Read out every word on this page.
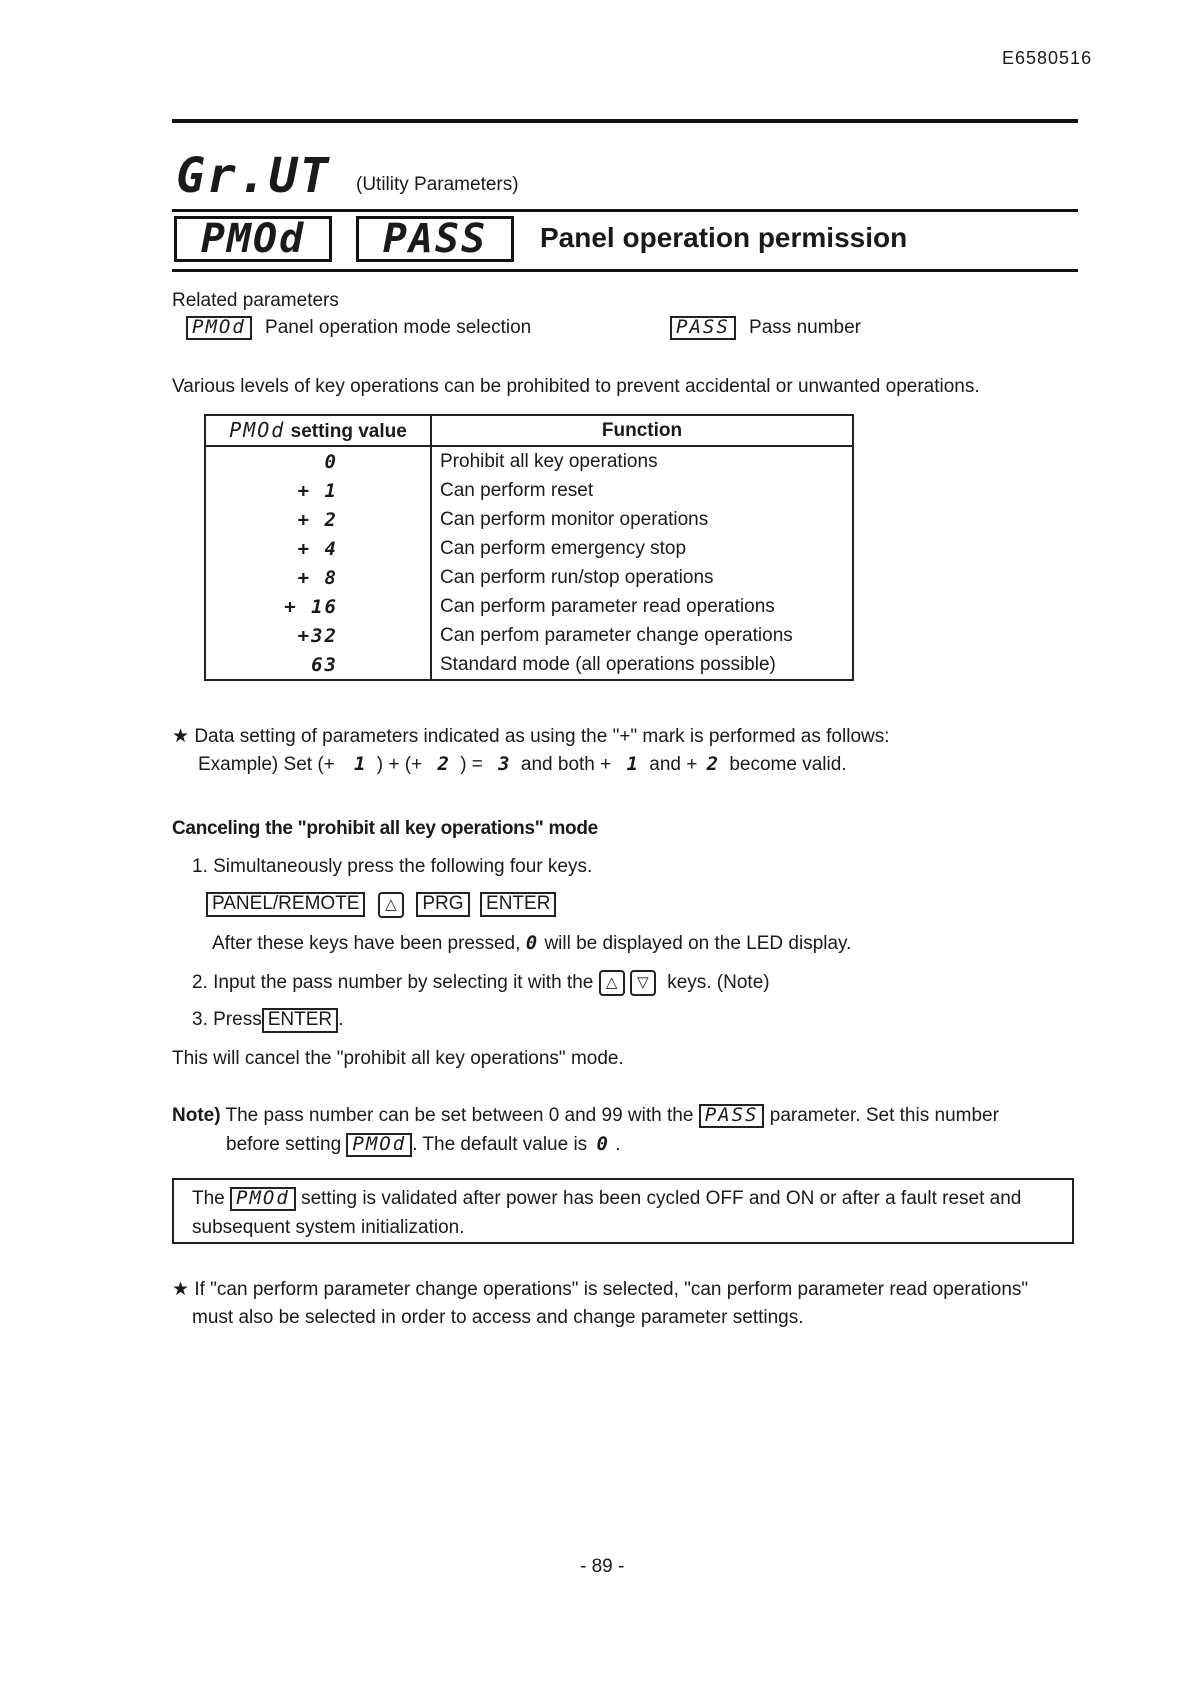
E6580516
Gr.UT (Utility Parameters)
PMOd	PASS	Panel operation permission
Related parameters
PMOd Panel operation mode selection	PASS Pass number
Various levels of key operations can be prohibited to prevent accidental or unwanted operations.
PMOd setting value	Function
0	Prohibit all key operations
+ 1	Can perform reset
+ 2	Can perform monitor operations
+ 4	Can perform emergency stop
+ 8	Can perform run/stop operations
+ 16	Can perform parameter read operations
+32	Can perfom parameter change operations
63	Standard mode (all operations possible)
★ Data setting of parameters indicated as using the "+" mark is performed as follows:
Example) Set (+ 1 ) + (+ 2 ) = 3 and both + 1 and + 2 become valid.
Canceling the "prohibit all key operations" mode
1. Simultaneously press the following four keys.
PANEL/REMOTE △ PRG ENTER
After these keys have been pressed, 0 will be displayed on the LED display.
2. Input the pass number by selecting it with the △ ▽ keys. (Note)
3. Press ENTER .
This will cancel the "prohibit all key operations" mode.
Note) The pass number can be set between 0 and 99 with the PASS parameter. Set this number
before setting PMOd . The default value is 0 .
The PMOd setting is validated after power has been cycled OFF and ON or after a fault reset and
subsequent system initialization.
★ If "can perform parameter change operations" is selected, "can perform parameter read operations"
must also be selected in order to access and change parameter settings.
- 89 -
